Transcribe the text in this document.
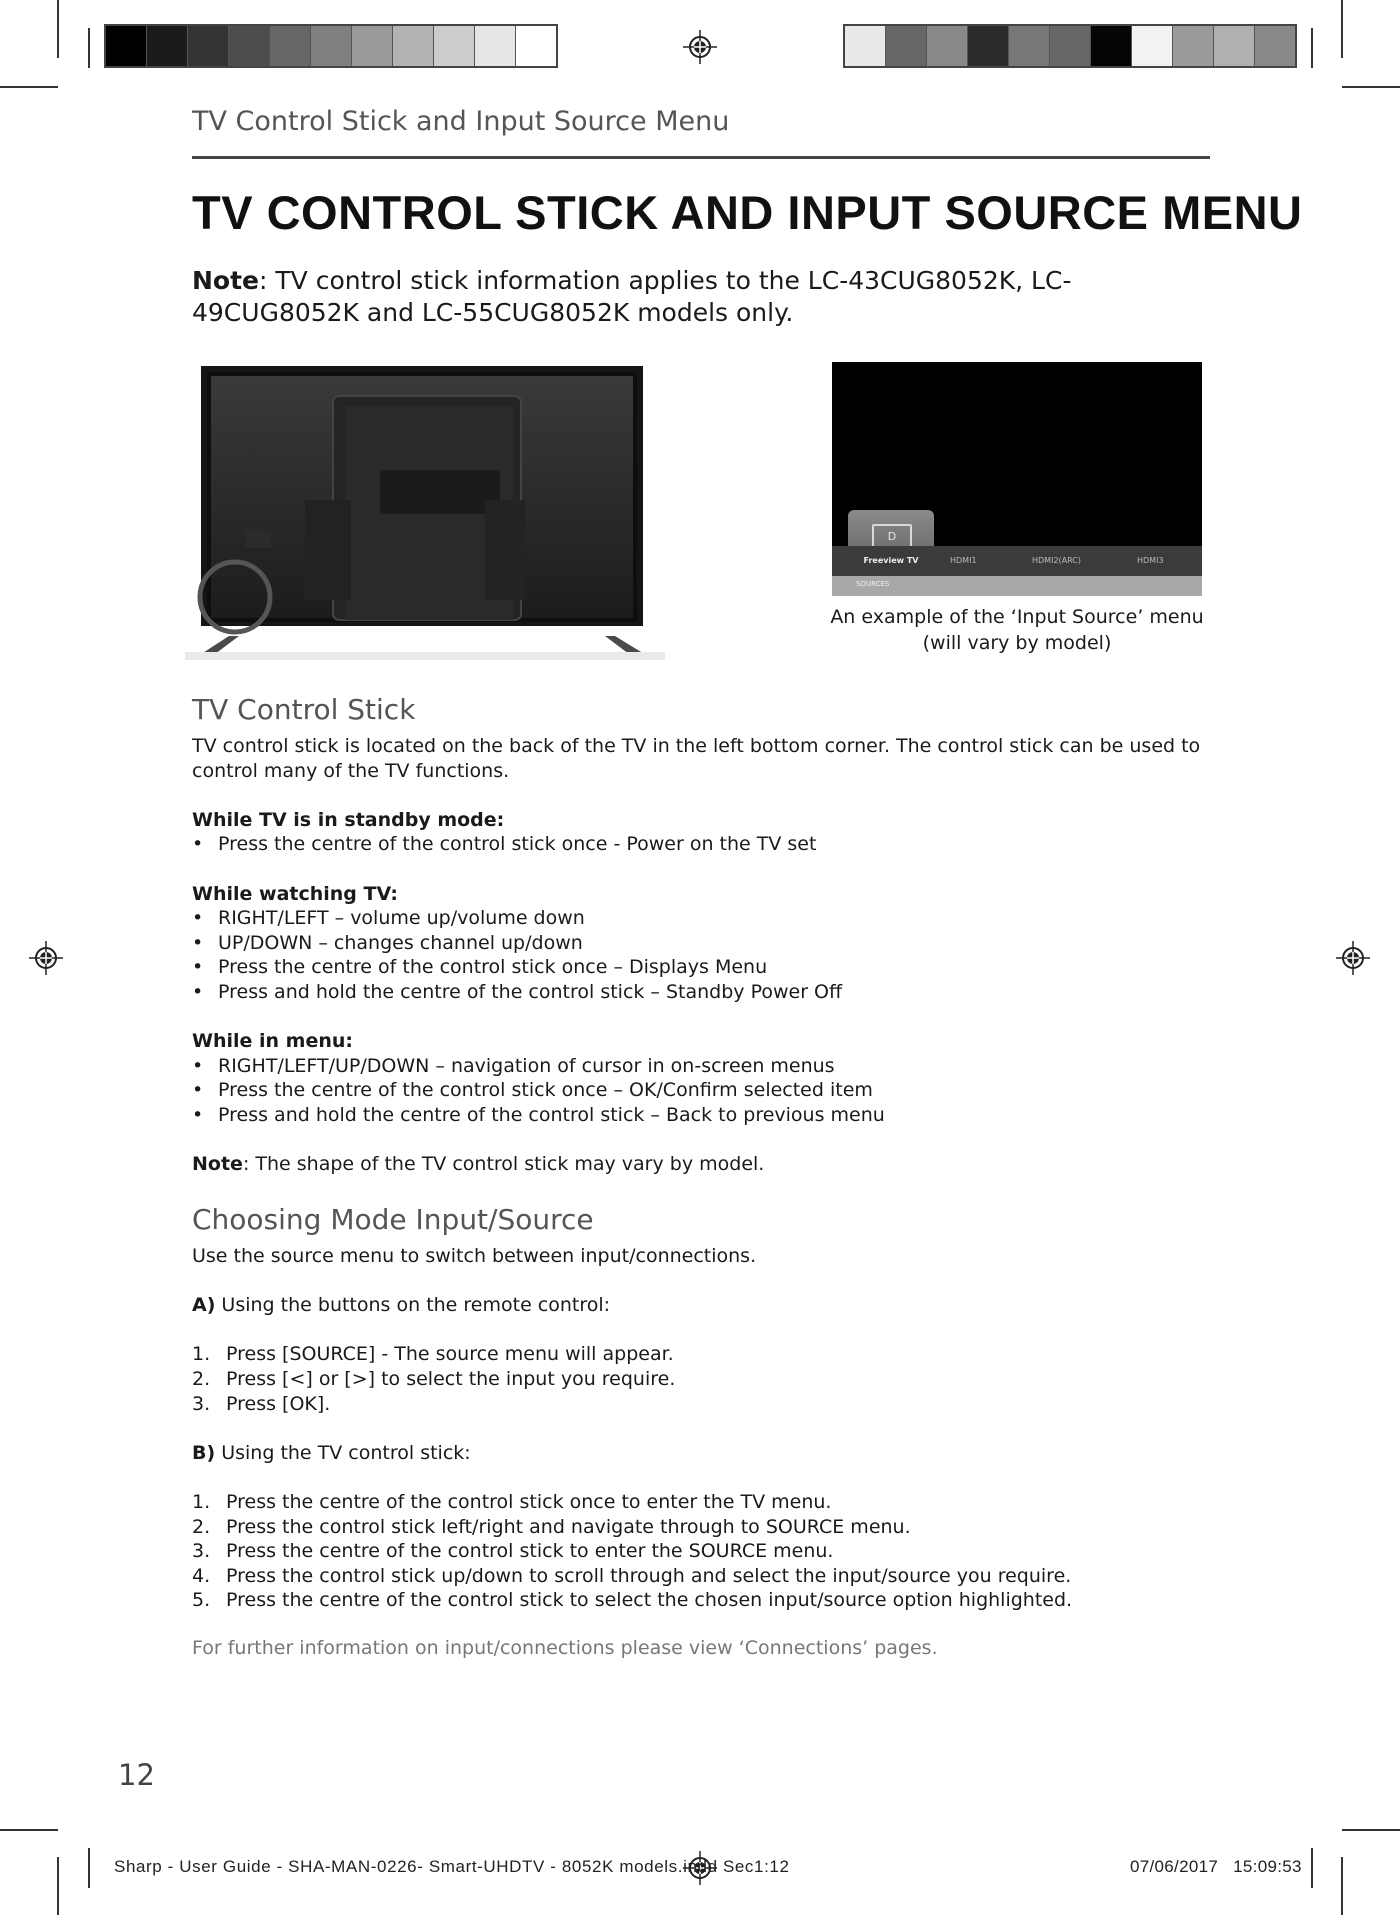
TV Control Stick and Input Source Menu
TV CONTROL STICK AND INPUT SOURCE MENU
Note: TV control stick information applies to the LC-43CUG8052K, LC-49CUG8052K and LC-55CUG8052K models only.
D
Freeview TV	HDMI1	HDMI2(ARC)	HDMI3
SOURCES
An example of the ‘Input Source’ menu
(will vary by model)
TV Control Stick
TV control stick is located on the back of the TV in the left bottom corner. The control stick can be used to control many of the TV functions.
While TV is in standby mode:
• Press the centre of the control stick once - Power on the TV set
While watching TV:
• RIGHT/LEFT – volume up/volume down
• UP/DOWN – changes channel up/down
• Press the centre of the control stick once – Displays Menu
• Press and hold the centre of the control stick – Standby Power Off
While in menu:
• RIGHT/LEFT/UP/DOWN – navigation of cursor in on-screen menus
• Press the centre of the control stick once – OK/Confirm selected item
• Press and hold the centre of the control stick – Back to previous menu
Note: The shape of the TV control stick may vary by model.
Choosing Mode Input/Source
Use the source menu to switch between input/connections.
A) Using the buttons on the remote control:
1. Press [SOURCE] - The source menu will appear.
2. Press [<] or [>] to select the input you require.
3. Press [OK].
B) Using the TV control stick:
1. Press the centre of the control stick once to enter the TV menu.
2. Press the control stick left/right and navigate through to SOURCE menu.
3. Press the centre of the control stick to enter the SOURCE menu.
4. Press the control stick up/down to scroll through and select the input/source you require.
5. Press the centre of the control stick to select the chosen input/source option highlighted.
For further information on input/connections please view ‘Connections’ pages.
12
Sharp - User Guide - SHA-MAN-0226- Smart-UHDTV - 8052K models.indd Sec1:12	07/06/2017 15:09:53
